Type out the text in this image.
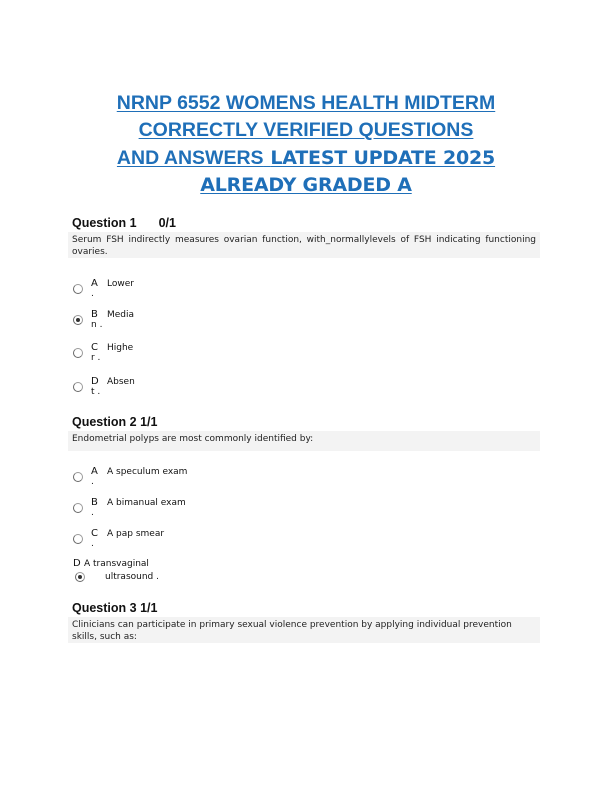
NRNP 6552 WOMENS HEALTH MIDTERM
CORRECTLY VERIFIED QUESTIONS
AND ANSWERS LATEST UPDATE 2025
ALREADY GRADED A
Question 1 0/1
Serum FSH indirectly measures ovarian function, with_normallylevels of FSH indicating functioning ovaries.
A
.
Lower
B
n .
Media
C
r .
Highe
D
t .
Absen
Question 2 1/1
Endometrial polyps are most commonly identified by:
A
.
A speculum exam
B
.
A bimanual exam
C
.
A pap smear
D A transvaginal
ultrasound .
Question 3 1/1
Clinicians can participate in primary sexual violence prevention by applying individual prevention skills, such as:
